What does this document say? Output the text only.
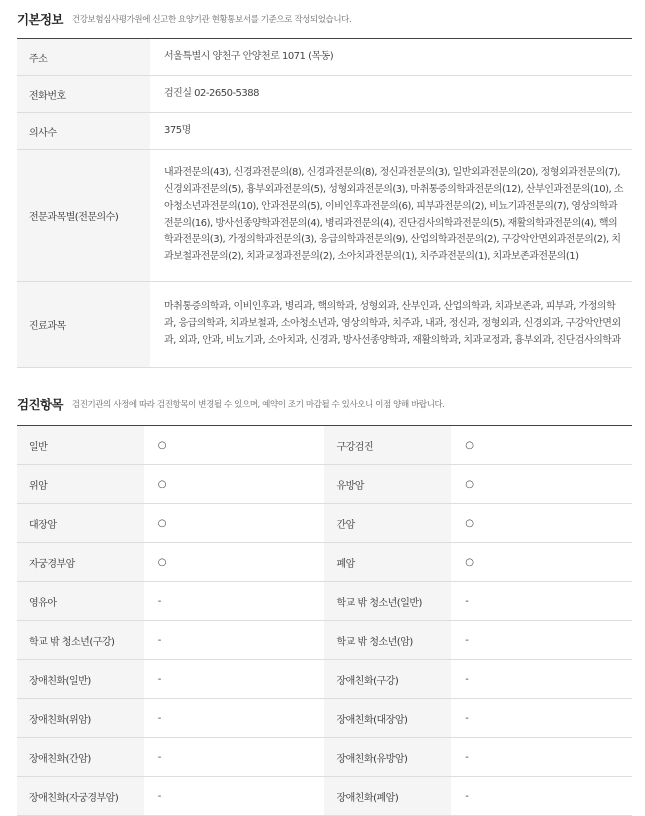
기본정보 건강보험심사평가원에 신고한 요양기관 현황통보서를 기준으로 작성되었습니다.
주소	서울특별시 양천구 안양천로 1071 (목동)
전화번호	검진실 02-2650-5388
의사수	375명
전문과목별(전문의수)	내과전문의(43), 신경과전문의(8), 신경과전문의(8), 정신과전문의(3), 일반외과전문의(20), 정형외과전문의(7), 신경외과전문의(5), 흉부외과전문의(5), 성형외과전문의(3), 마취통증의학과전문의(12), 산부인과전문의(10), 소아청소년과전문의(10), 안과전문의(5), 이비인후과전문의(6), 피부과전문의(2), 비뇨기과전문의(7), 영상의학과전문의(16), 방사선종양학과전문의(4), 병리과전문의(4), 진단검사의학과전문의(5), 재활의학과전문의(4), 핵의학과전문의(3), 가정의학과전문의(3), 응급의학과전문의(9), 산업의학과전문의(2), 구강악안면외과전문의(2), 치과보철과전문의(2), 치과교정과전문의(2), 소아치과전문의(1), 치주과전문의(1), 치과보존과전문의(1)
진료과목	마취통증의학과, 이비인후과, 병리과, 핵의학과, 성형외과, 산부인과, 산업의학과, 치과보존과, 피부과, 가정의학과, 응급의학과, 치과보철과, 소아청소년과, 영상의학과, 치주과, 내과, 정신과, 정형외과, 신경외과, 구강악안면외과, 외과, 안과, 비뇨기과, 소아치과, 신경과, 방사선종양학과, 재활의학과, 치과교정과, 흉부외과, 진단검사의학과
검진항목 검진기관의 사정에 따라 검진항목이 변경될 수 있으며, 예약이 조기 마감될 수 있사오니 이점 양해 바랍니다.
일반	○	구강검진	○
위암	○	유방암	○
대장암	○	간암	○
자궁경부암	○	폐암	○
영유아	-	학교 밖 청소년(일반)	-
학교 밖 청소년(구강)	-	학교 밖 청소년(암)	-
장애친화(일반)	-	장애친화(구강)	-
장애친화(위암)	-	장애친화(대장암)	-
장애친화(간암)	-	장애친화(유방암)	-
장애친화(자궁경부암)	-	장애친화(폐암)	-
